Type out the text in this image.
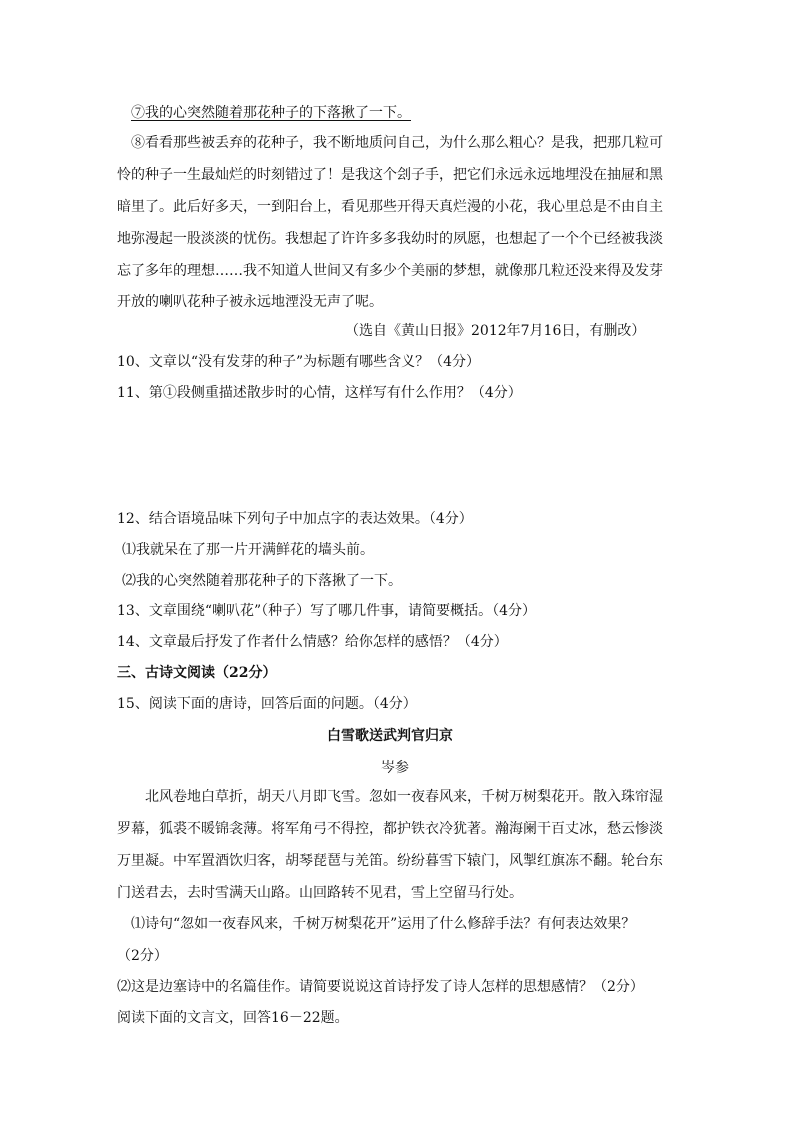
⑦我的心突然随着那花种子的下落揪了一下。
⑧看看那些被丢弃的花种子，我不断地质问自己，为什么那么粗心？是我，把那几粒可
怜的种子一生最灿烂的时刻错过了！是我这个刽子手，把它们永远永远地埋没在抽屉和黑
暗里了。此后好多天，一到阳台上，看见那些开得天真烂漫的小花，我心里总是不由自主
地弥漫起一股淡淡的忧伤。我想起了许许多多我幼时的夙愿，也想起了一个个已经被我淡
忘了多年的理想……我不知道人世间又有多少个美丽的梦想，就像那几粒还没来得及发芽
开放的喇叭花种子被永远地湮没无声了呢。
（选自《黄山日报》2012年7月16日，有删改）
10、文章以“没有发芽的种子”为标题有哪些含义？（4分）
11、第①段侧重描述散步时的心情，这样写有什么作用？（4分）
12、结合语境品味下列句子中加点字的表达效果。（4分）
⑴我就呆在了那一片开满鲜花的墙头前。
⑵我的心突然随着那花种子的下落揪了一下。
13、文章围绕“喇叭花”（种子）写了哪几件事，请简要概括。（4分）
14、文章最后抒发了作者什么情感？给你怎样的感悟？（4分）
三、古诗文阅读（22分）
15、阅读下面的唐诗，回答后面的问题。（4分）
白雪歌送武判官归京
岑参
北风卷地白草折，胡天八月即飞雪。忽如一夜春风来，千树万树梨花开。散入珠帘湿
罗幕，狐裘不暖锦衾薄。将军角弓不得控，都护铁衣冷犹著。瀚海阑干百丈冰，愁云惨淡
万里凝。中军置酒饮归客，胡琴琵琶与羌笛。纷纷暮雪下辕门，风掣红旗冻不翻。轮台东
门送君去，去时雪满天山路。山回路转不见君，雪上空留马行处。
⑴诗句“忽如一夜春风来，千树万树梨花开”运用了什么修辞手法？有何表达效果？
（2分）
⑵这是边塞诗中的名篇佳作。请简要说说这首诗抒发了诗人怎样的思想感情？（2分）
阅读下面的文言文，回答16－22题。
